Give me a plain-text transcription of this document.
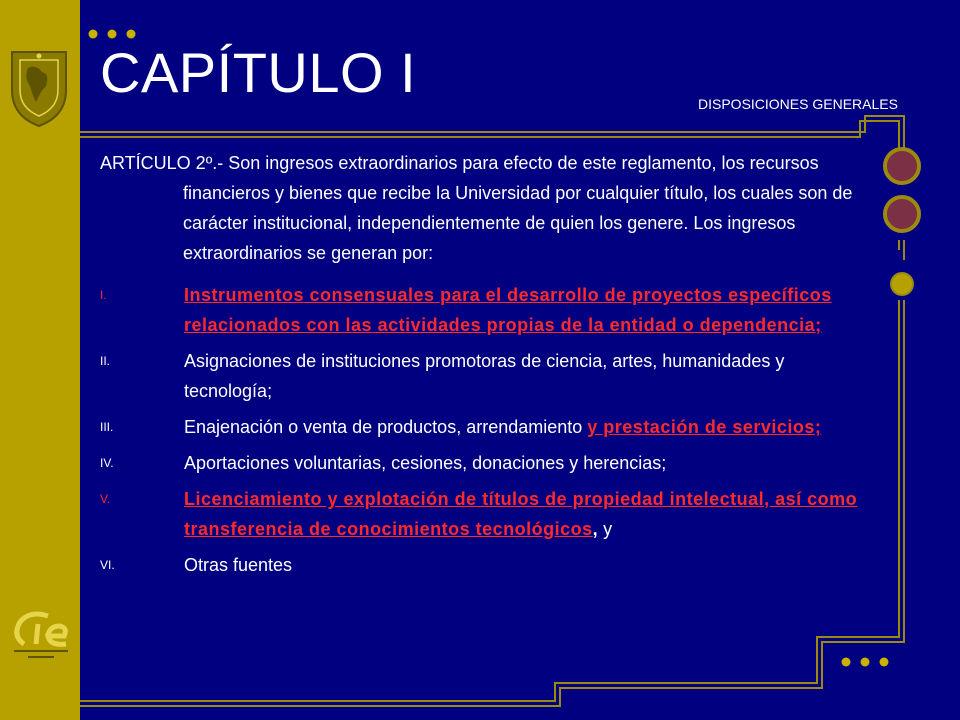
CAPÍTULO I	DISPOSICIONES GENERALES

ARTÍCULO 2º.- Son ingresos extraordinarios para efecto de este reglamento, los recursos financieros y bienes que recibe la Universidad por cualquier título, los cuales son de carácter institucional, independientemente de quien los genere. Los ingresos extraordinarios se generan por:

I.	Instrumentos consensuales para el desarrollo de proyectos específicos relacionados con las actividades propias de la entidad o dependencia;
II.	Asignaciones de instituciones promotoras de ciencia, artes, humanidades y tecnología;
III.	Enajenación o venta de productos, arrendamiento y prestación de servicios;
IV.	Aportaciones voluntarias, cesiones, donaciones y herencias;
V.	Licenciamiento y explotación de títulos de propiedad intelectual, así como transferencia de conocimientos tecnológicos, y
VI.	Otras fuentes
